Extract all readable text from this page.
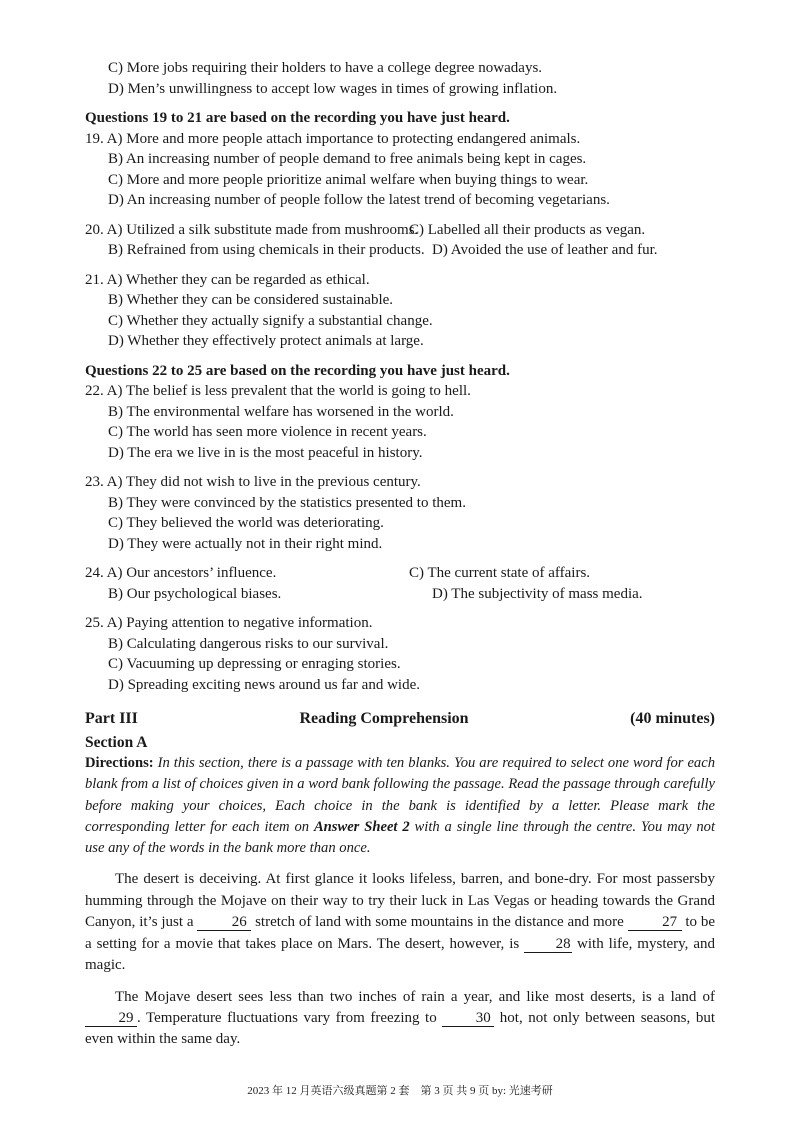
C) More jobs requiring their holders to have a college degree nowadays.
D) Men’s unwillingness to accept low wages in times of growing inflation.
Questions 19 to 21 are based on the recording you have just heard.
19. A) More and more people attach importance to protecting endangered animals.
B) An increasing number of people demand to free animals being kept in cages.
C) More and more people prioritize animal welfare when buying things to wear.
D) An increasing number of people follow the latest trend of becoming vegetarians.
20. A) Utilized a silk substitute made from mushrooms.
C) Labelled all their products as vegan.
B) Refrained from using chemicals in their products. D) Avoided the use of leather and fur.
21. A) Whether they can be regarded as ethical.
B) Whether they can be considered sustainable.
C) Whether they actually signify a substantial change.
D) Whether they effectively protect animals at large.
Questions 22 to 25 are based on the recording you have just heard.
22. A) The belief is less prevalent that the world is going to hell.
B) The environmental welfare has worsened in the world.
C) The world has seen more violence in recent years.
D) The era we live in is the most peaceful in history.
23. A) They did not wish to live in the previous century.
B) They were convinced by the statistics presented to them.
C) They believed the world was deteriorating.
D) They were actually not in their right mind.
24. A) Our ancestors’ influence.	C) The current state of affairs.
B) Our psychological biases.	D) The subjectivity of mass media.
25. A) Paying attention to negative information.
B) Calculating dangerous risks to our survival.
C) Vacuuming up depressing or enraging stories.
D) Spreading exciting news around us far and wide.
Part III	Reading Comprehension	(40 minutes)
Section A
Directions: In this section, there is a passage with ten blanks. You are required to select one word for each blank from a list of choices given in a word bank following the passage. Read the passage through carefully before making your choices, Each choice in the bank is identified by a letter. Please mark the corresponding letter for each item on Answer Sheet 2 with a single line through the centre. You may not use any of the words in the bank more than once.
The desert is deceiving. At first glance it looks lifeless, barren, and bone-dry. For most passersby humming through the Mojave on their way to try their luck in Las Vegas or heading towards the Grand Canyon, it’s just a 26 stretch of land with some mountains in the distance and more 27 to be a setting for a movie that takes place on Mars. The desert, however, is 28 with life, mystery, and magic.
The Mojave desert sees less than two inches of rain a year, and like most deserts, is a land of 29 . Temperature fluctuations vary from freezing to 30 hot, not only between seasons, but even within the same day.
2023 年 12 月英语六级真题第 2 套　第 3 页 共 9 页 by: 光速考研
